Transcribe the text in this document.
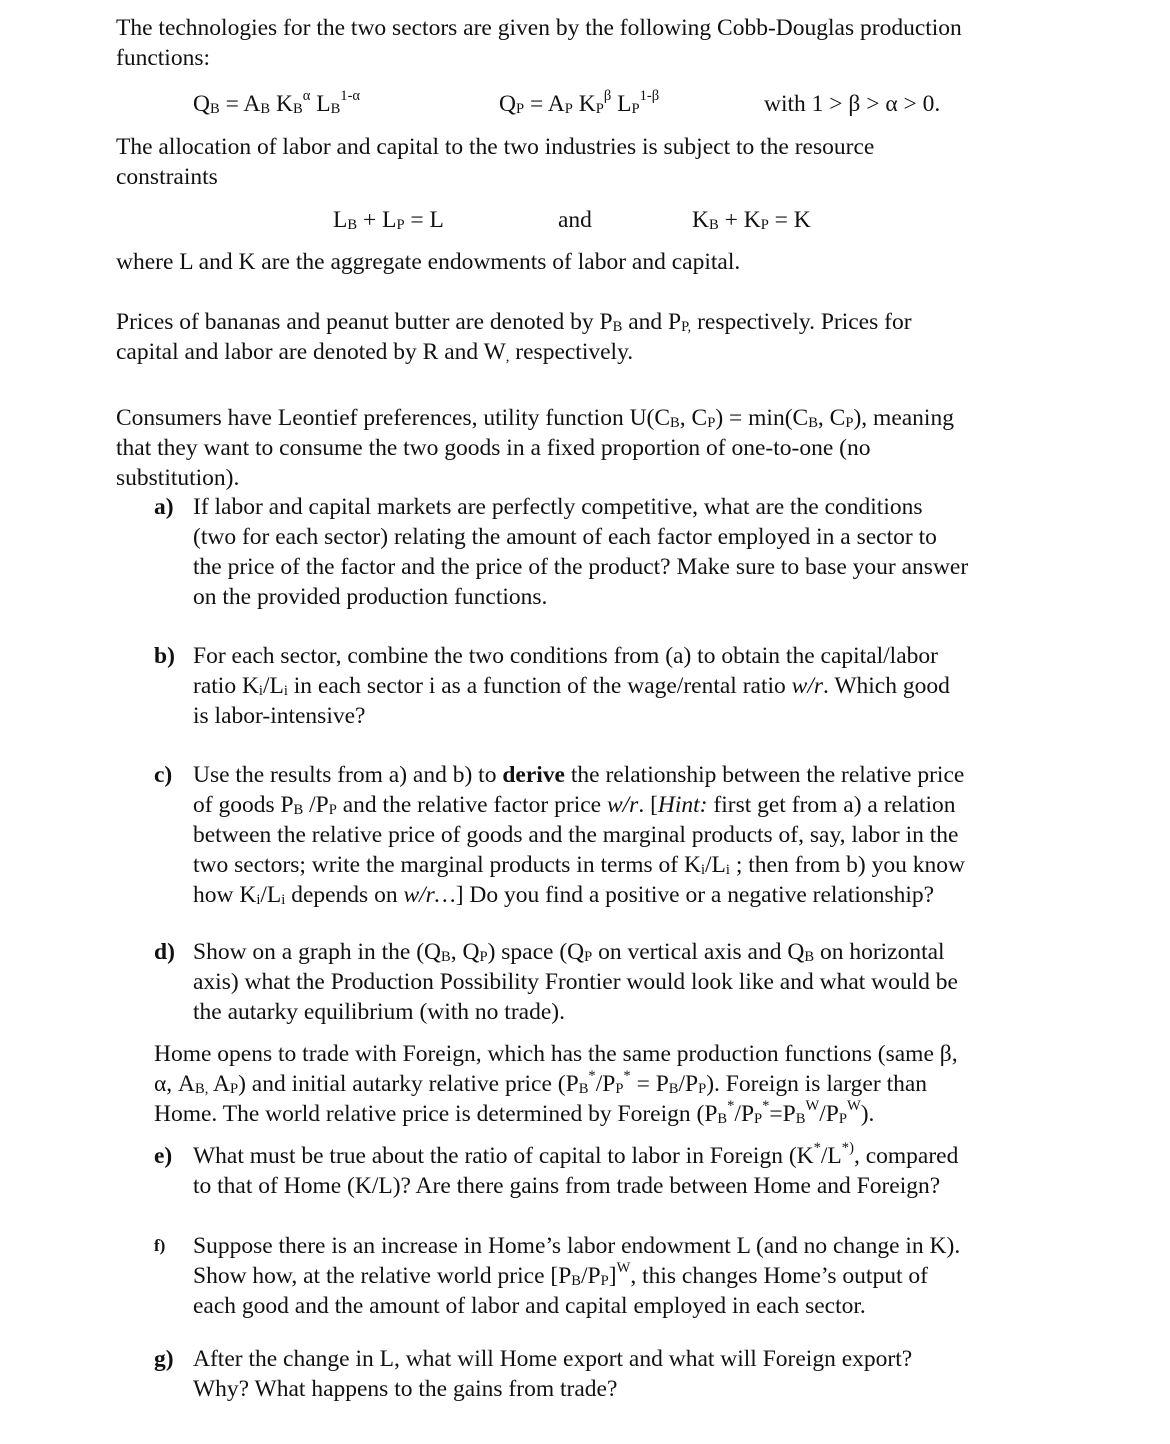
The technologies for the two sectors are given by the following Cobb-Douglas production
functions:
$Q_B = A_B$ $K_B^\alpha$ $L_B^{1-\alpha}$	$Q_P = A_P$ $K_P^\beta$ $L_P^{1-\beta}$	with 1 > β > α > 0.
The allocation of labor and capital to the two industries is subject to the resource
constraints
$L_B + L_P = L$	and	$K_B + K_P = K$
where L and K are the aggregate endowments of labor and capital.
Prices of bananas and peanut butter are denoted by $P_B$ and $P_{P,}$ respectively. Prices for
capital and labor are denoted by R and $W_,$ respectively.
Consumers have Leontief preferences, utility function $U(C_B$, $C_P) = \min(C_B$, $C_P$), meaning
that they want to consume the two goods in a fixed proportion of one-to-one (no
substitution).
a) If labor and capital markets are perfectly competitive, what are the conditions
(two for each sector) relating the amount of each factor employed in a sector to
the price of the factor and the price of the product? Make sure to base your answer
on the provided production functions.
b) For each sector, combine the two conditions from (a) to obtain the capital/labor
ratio $K_i/L_i$ in each sector i as a function of the wage/rental ratio w/r. Which good
is labor-intensive?
c) Use the results from a) and b) to derive the relationship between the relative price
of goods $P_B$ $/P_P$ and the relative factor price w/r. [Hint: first get from a) a relation
between the relative price of goods and the marginal products of, say, labor in the
two sectors; write the marginal products in terms of $K_i/L_i$ ; then from b) you know
how $K_i/L_i$ depends on w/r…] Do you find a positive or a negative relationship?
d) Show on a graph in the ($Q_B$, $Q_P$) space ($Q_P$ on vertical axis and $Q_B$ on horizontal
axis) what the Production Possibility Frontier would look like and what would be
the autarky equilibrium (with no trade).
Home opens to trade with Foreign, which has the same production functions (same β,
α, $A_{B,}$ $A_P$) and initial autarky relative price $(P_B^*/P_P^* = P_B/P_P)$. Foreign is larger than
Home. The world relative price is determined by Foreign $(P_B^*/P_P^*=P_B^W/P_P^W)$.
e) What must be true about the ratio of capital to labor in Foreign (K*/L*), compared
to that of Home (K/L)? Are there gains from trade between Home and Foreign?
f) Suppose there is an increase in Home’s labor endowment L (and no change in K).
Show how, at the relative world price $[P_B/P_P]^W$, this changes Home’s output of
each good and the amount of labor and capital employed in each sector.
g) After the change in L, what will Home export and what will Foreign export?
Why? What happens to the gains from trade?
